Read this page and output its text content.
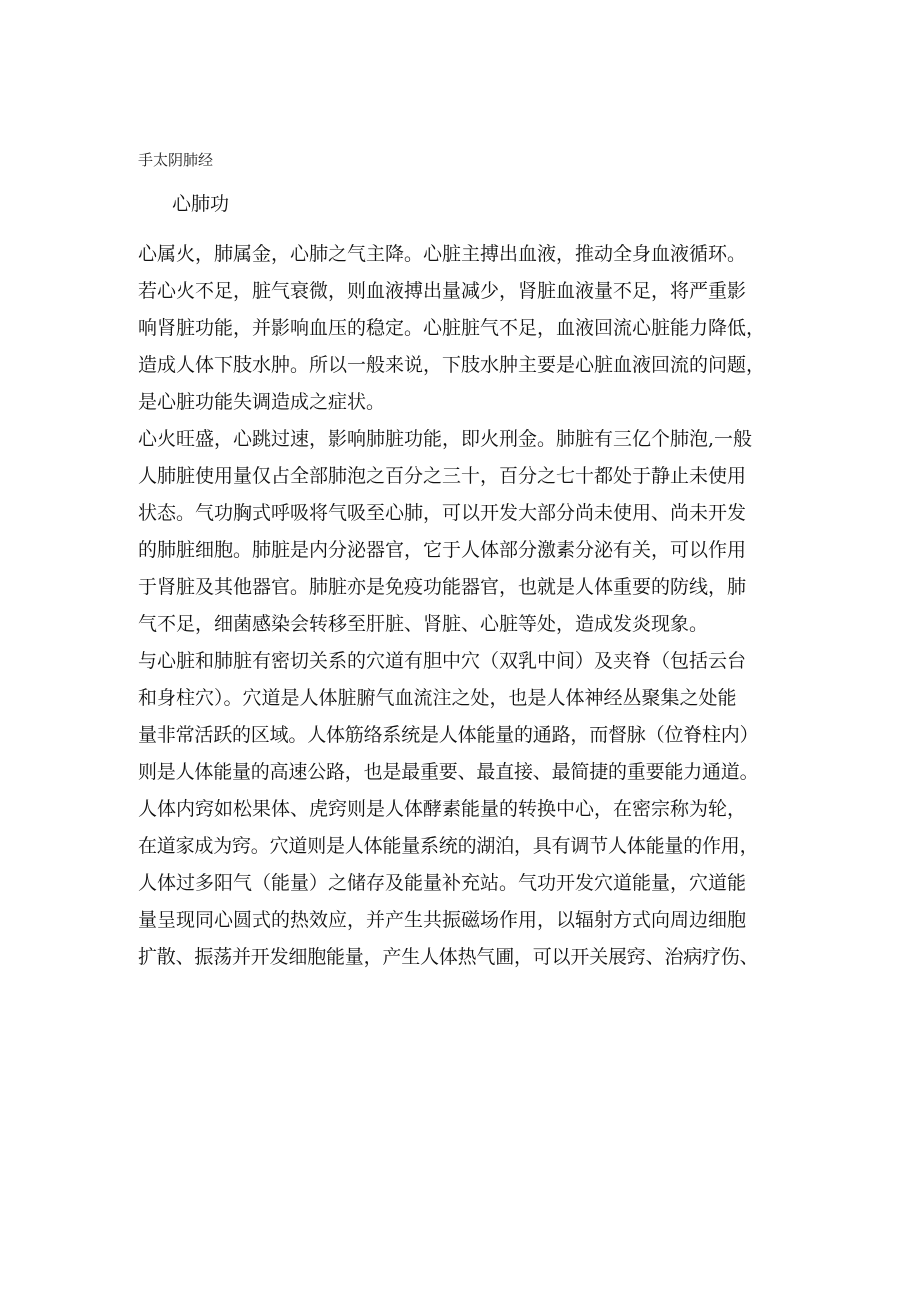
手太阴肺经
心肺功
心属火，肺属金，心肺之气主降。心脏主搏出血液，推动全身血液循环。
若心火不足，脏气衰微，则血液搏出量减少，肾脏血液量不足，将严重影
响肾脏功能，并影响血压的稳定。心脏脏气不足，血液回流心脏能力降低，
造成人体下肢水肿。所以一般来说，下肢水肿主要是心脏血液回流的问题，
是心脏功能失调造成之症状。
心火旺盛，心跳过速，影响肺脏功能，即火刑金。肺脏有三亿个肺泡,一般
人肺脏使用量仅占全部肺泡之百分之三十，百分之七十都处于静止未使用
状态。气功胸式呼吸将气吸至心肺，可以开发大部分尚未使用、尚未开发
的肺脏细胞。肺脏是内分泌器官，它于人体部分激素分泌有关，可以作用
于肾脏及其他器官。肺脏亦是免疫功能器官，也就是人体重要的防线，肺
气不足，细菌感染会转移至肝脏、肾脏、心脏等处，造成发炎现象。
与心脏和肺脏有密切关系的穴道有胆中穴（双乳中间）及夹脊（包括云台
和身柱穴）。穴道是人体脏腑气血流注之处，也是人体神经丛聚集之处能
量非常活跃的区域。人体筋络系统是人体能量的通路，而督脉（位脊柱内）
则是人体能量的高速公路，也是最重要、最直接、最简捷的重要能力通道。
人体内窍如松果体、虎窍则是人体酵素能量的转换中心，在密宗称为轮，
在道家成为窍。穴道则是人体能量系统的湖泊，具有调节人体能量的作用，
人体过多阳气（能量）之储存及能量补充站。气功开发穴道能量，穴道能
量呈现同心圆式的热效应，并产生共振磁场作用，以辐射方式向周边细胞
扩散、振荡并开发细胞能量，产生人体热气圃，可以开关展窍、治病疗伤、
